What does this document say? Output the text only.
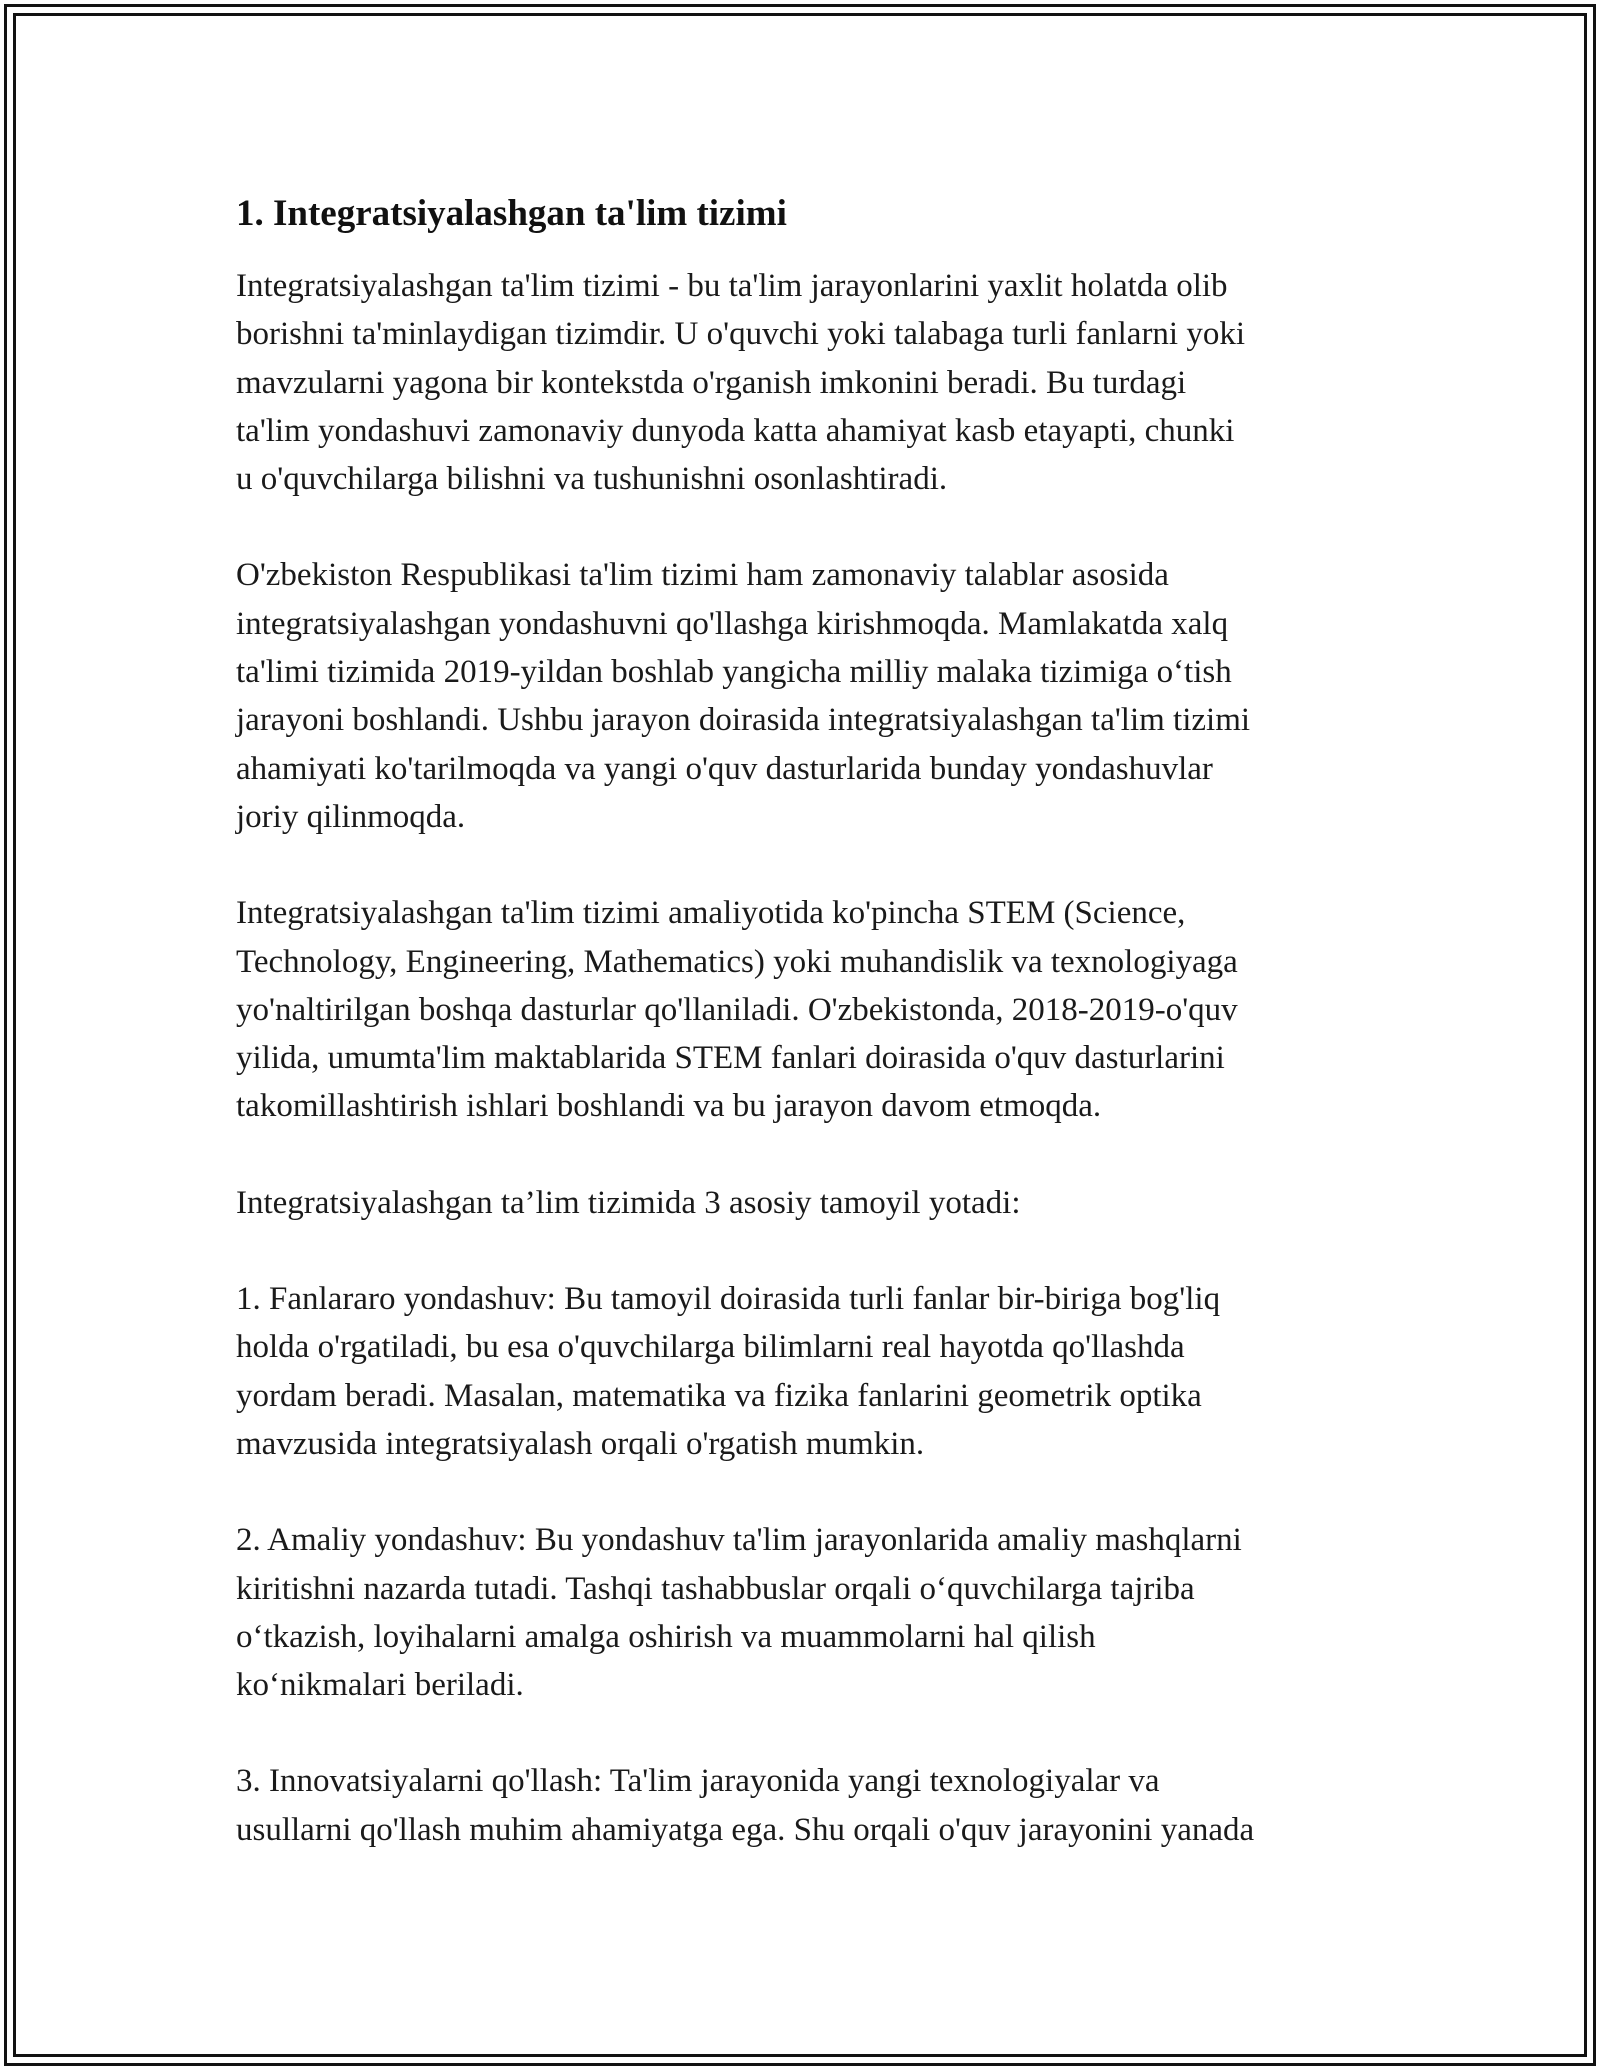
1. Integratsiyalashgan ta'lim tizimi

Integratsiyalashgan ta'lim tizimi - bu ta'lim jarayonlarini yaxlit holatda olib
borishni ta'minlaydigan tizimdir. U o'quvchi yoki talabaga turli fanlarni yoki
mavzularni yagona bir kontekstda o'rganish imkonini beradi. Bu turdagi
ta'lim yondashuvi zamonaviy dunyoda katta ahamiyat kasb etayapti, chunki
u o'quvchilarga bilishni va tushunishni osonlashtiradi.

O'zbekiston Respublikasi ta'lim tizimi ham zamonaviy talablar asosida
integratsiyalashgan yondashuvni qo'llashga kirishmoqda. Mamlakatda xalq
ta'limi tizimida 2019-yildan boshlab yangicha milliy malaka tizimiga o‘tish
jarayoni boshlandi. Ushbu jarayon doirasida integratsiyalashgan ta'lim tizimi
ahamiyati ko'tarilmoqda va yangi o'quv dasturlarida bunday yondashuvlar
joriy qilinmoqda.

Integratsiyalashgan ta'lim tizimi amaliyotida ko'pincha STEM (Science,
Technology, Engineering, Mathematics) yoki muhandislik va texnologiyaga
yo'naltirilgan boshqa dasturlar qo'llaniladi. O'zbekistonda, 2018-2019-o'quv
yilida, umumta'lim maktablarida STEM fanlari doirasida o'quv dasturlarini
takomillashtirish ishlari boshlandi va bu jarayon davom etmoqda.

Integratsiyalashgan ta’lim tizimida 3 asosiy tamoyil yotadi:

1. Fanlararo yondashuv: Bu tamoyil doirasida turli fanlar bir-biriga bog'liq
holda o'rgatiladi, bu esa o'quvchilarga bilimlarni real hayotda qo'llashda
yordam beradi. Masalan, matematika va fizika fanlarini geometrik optika
mavzusida integratsiyalash orqali o'rgatish mumkin.

2. Amaliy yondashuv: Bu yondashuv ta'lim jarayonlarida amaliy mashqlarni
kiritishni nazarda tutadi. Tashqi tashabbuslar orqali o‘quvchilarga tajriba
o‘tkazish, loyihalarni amalga oshirish va muammolarni hal qilish
ko‘nikmalari beriladi.

3. Innovatsiyalarni qo'llash: Ta'lim jarayonida yangi texnologiyalar va
usullarni qo'llash muhim ahamiyatga ega. Shu orqali o'quv jarayonini yanada
